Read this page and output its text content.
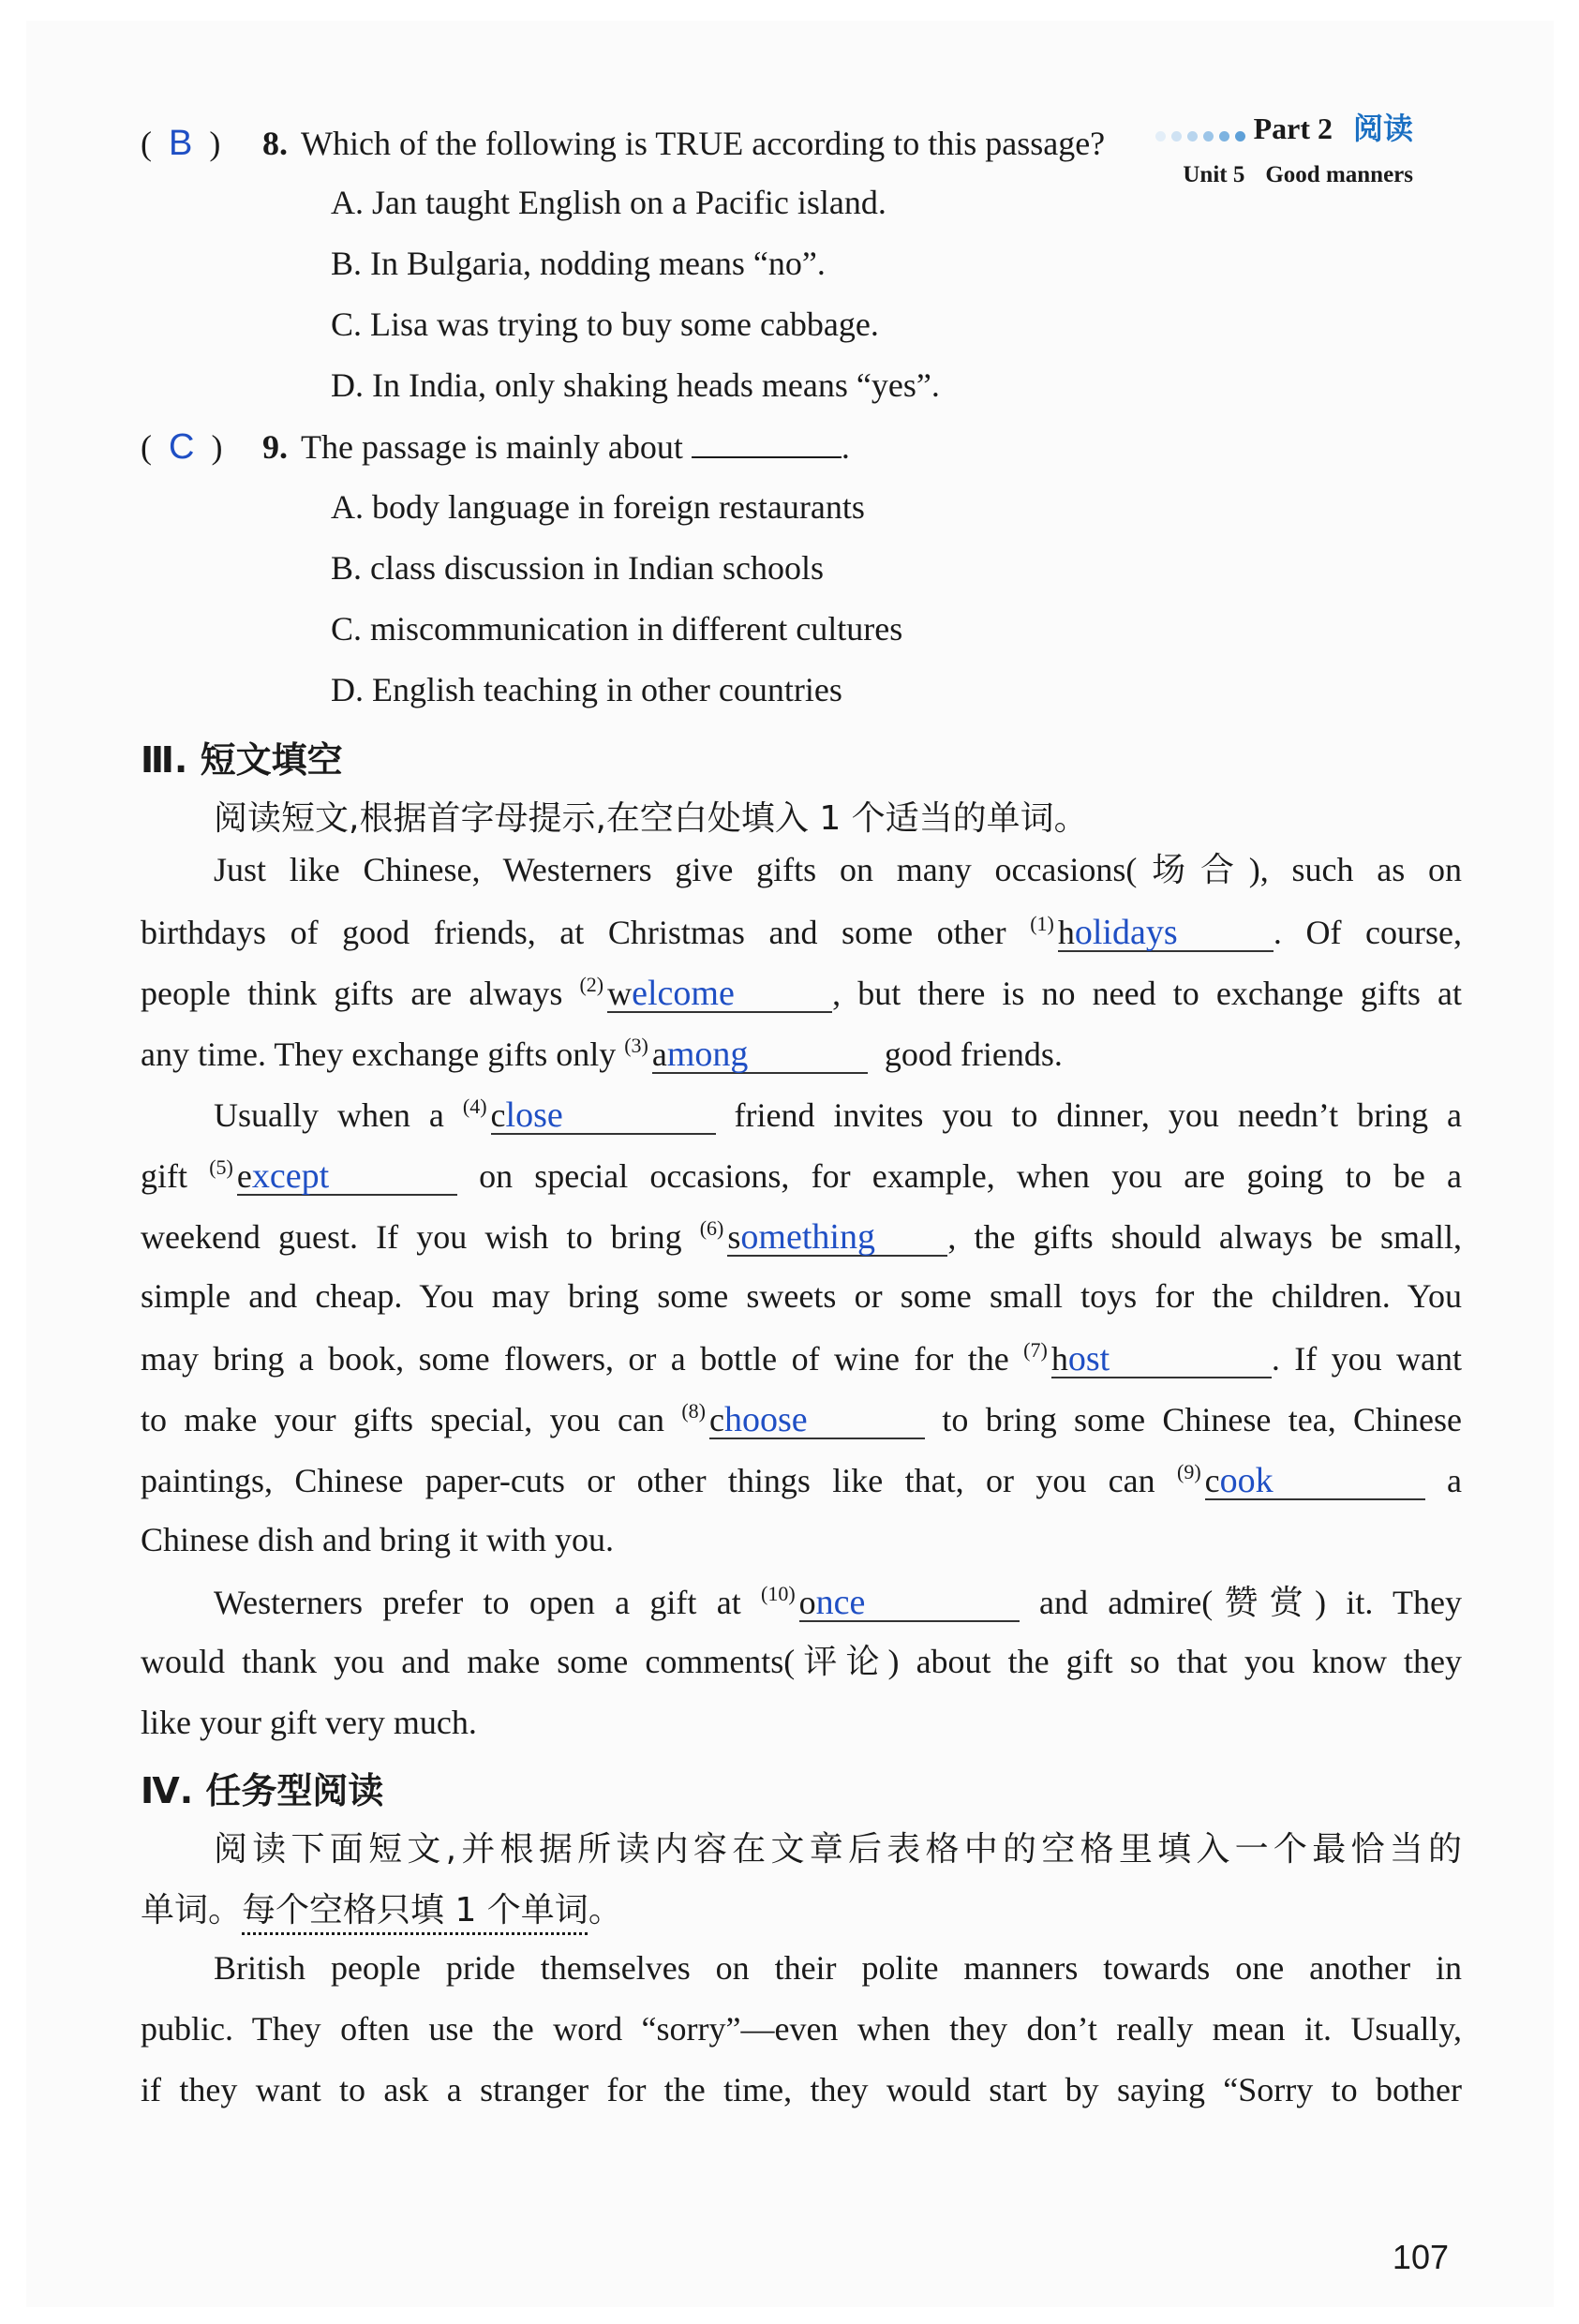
Part 2 阅读
Unit 5 Good manners
(  B  ) 8. Which of the following is TRUE according to this passage?
A. Jan taught English on a Pacific island.
B. In Bulgaria, nodding means “no”.
C. Lisa was trying to buy some cabbage.
D. In India, only shaking heads means “yes”.
(  C  ) 9. The passage is mainly about	.
A. body language in foreign restaurants
B. class discussion in Indian schools
C. miscommunication in different cultures
D. English teaching in other countries
Ⅲ. 短文填空
阅读短文,根据首字母提示,在空白处填入 1 个适当的单词。
Just like Chinese, Westerners give gifts on many occasions(场合), such as on
birthdays of good friends, at Christmas and some other $^{(1)}$ holidays	. Of course,
people think gifts are always $^{(2)}$ welcome	, but there is no need to exchange gifts at
any time. They exchange gifts only $^{(3)}$ among	good friends.
Usually when a $^{(4)}$ close	friend invites you to dinner, you needn’t bring a
gift $^{(5)}$ except	on special occasions, for example, when you are going to be a
weekend guest. If you wish to bring $^{(6)}$ something , the gifts should always be small,
simple and cheap. You may bring some sweets or some small toys for the children. You
may bring a book, some flowers, or a bottle of wine for the $^{(7)}$ host	. If you want
to make your gifts special, you can $^{(8)}$ choose	to bring some Chinese tea, Chinese
paintings, Chinese paper-cuts or other things like that, or you can $^{(9)}$ cook	a
Chinese dish and bring it with you.
Westerners prefer to open a gift at $^{(10)}$ once	and admire(赞赏) it. They
would thank you and make some comments(评论) about the gift so that you know they
like your gift very much.
Ⅳ. 任务型阅读
阅读下面短文,并根据所读内容在文章后表格中的空格里填入一个最恰当的
单词。每个空格只填 1 个单词。
British people pride themselves on their polite manners towards one another in
public. They often use the word “sorry”—even when they don’t really mean it. Usually,
if they want to ask a stranger for the time, they would start by saying “Sorry to bother
107
